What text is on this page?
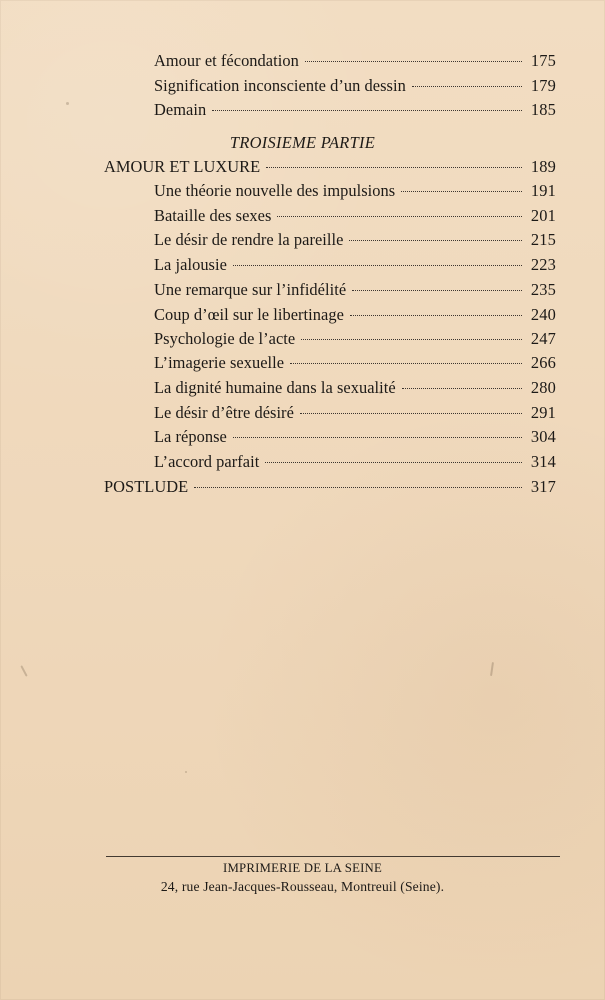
Amour et fécondation	175
Signification inconsciente d’un dessin	179
Demain	185
TROISIEME PARTIE
AMOUR ET LUXURE	189
Une théorie nouvelle des impulsions	191
Bataille des sexes	201
Le désir de rendre la pareille	215
La jalousie	223
Une remarque sur l’infidélité	235
Coup d’œil sur le libertinage	240
Psychologie de l’acte	247
L’imagerie sexuelle	266
La dignité humaine dans la sexualité	280
Le désir d’être désiré	291
La réponse	304
L’accord parfait	314
POSTLUDE	317
IMPRIMERIE DE LA SEINE
24, rue Jean-Jacques-Rousseau, Montreuil (Seine).
